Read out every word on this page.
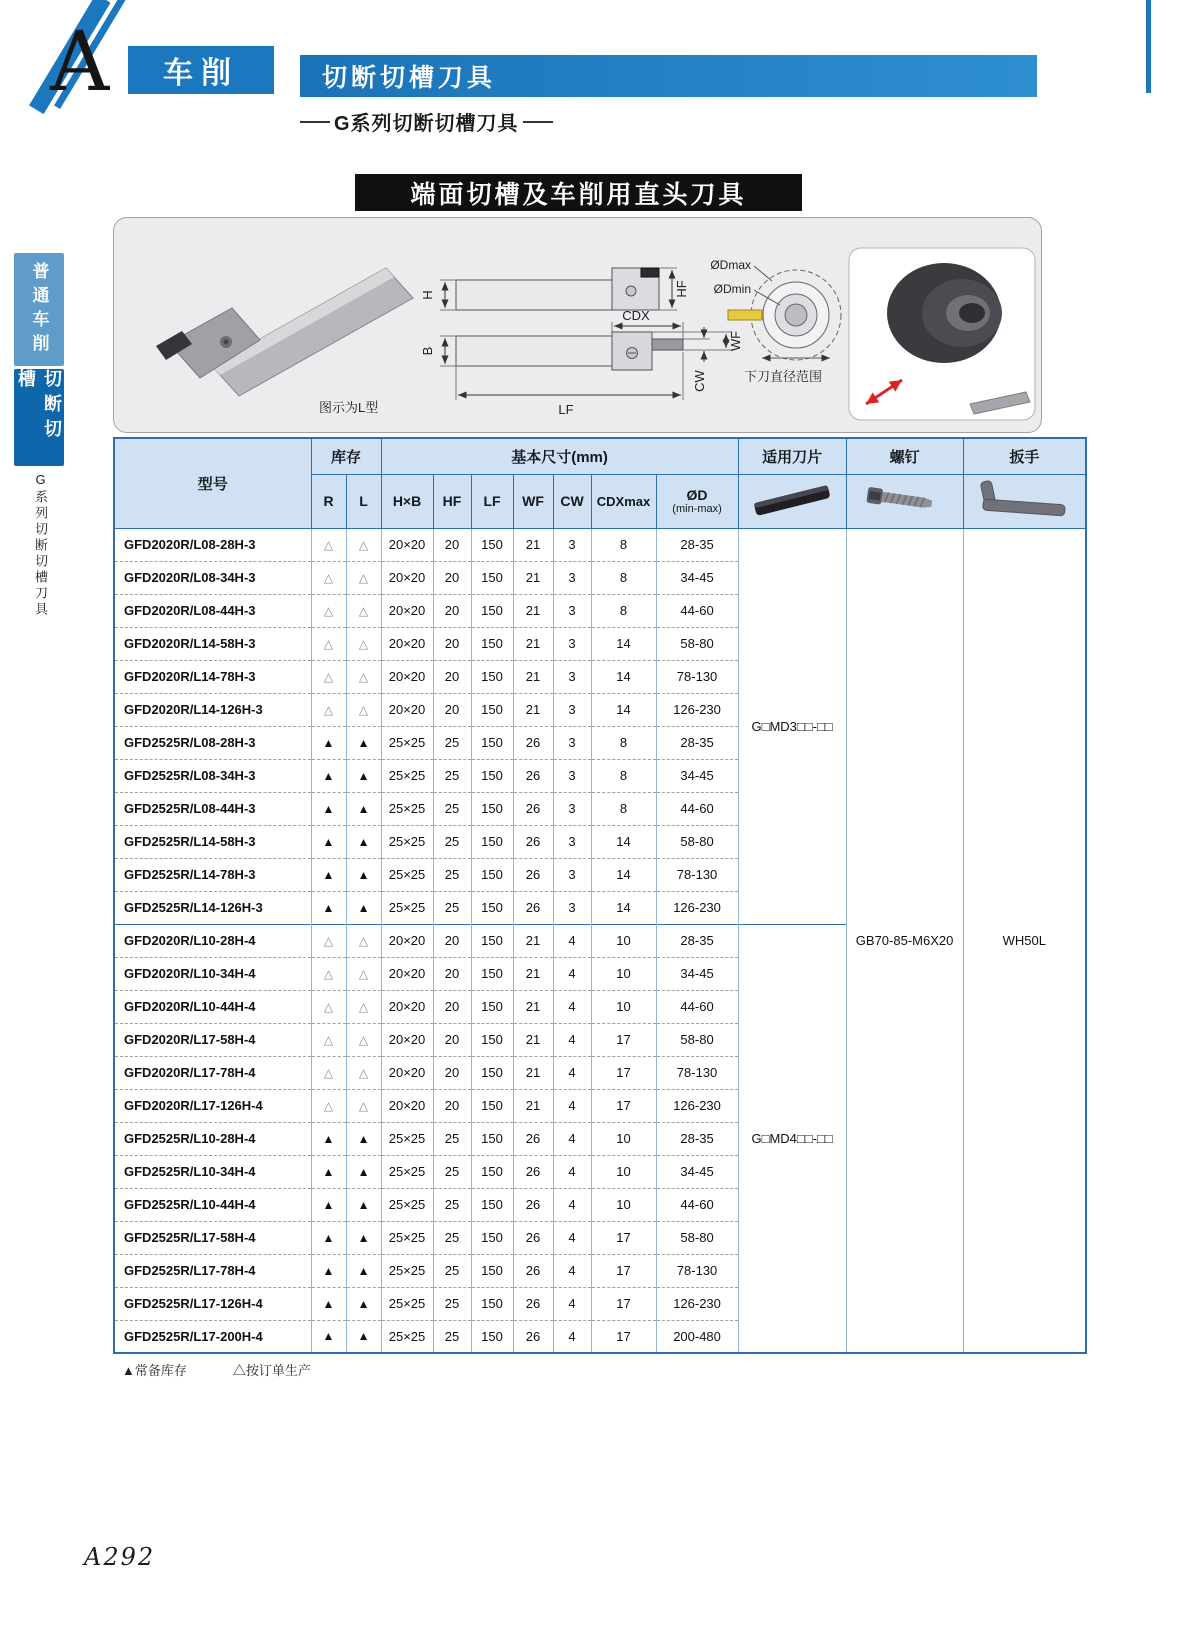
A	车削	切断切槽刀具
G系列切断切槽刀具
端面切槽及车削用直头刀具
普通车削
切断切槽
G系列切断切槽刀具
图示为L型
H	HF
CDX
B	WF
CW
LF
ØDmax
ØDmin
下刀直径范围
型号	库存		基本尺寸(mm)							适用刀片	螺钉	扳手
	R	L	H×B	HF	LF	WF	CW	CDXmax	ØD
(min-max)

GFD2020R/L08-28H-3	△	△	20×20	20	150	21	3	8	28-35	G□MD3□□-□□	GB70-85-M6X20	WH50L
GFD2020R/L08-34H-3	△	△	20×20	20	150	21	3	8	34-45			
GFD2020R/L08-44H-3	△	△	20×20	20	150	21	3	8	44-60			
GFD2020R/L14-58H-3	△	△	20×20	20	150	21	3	14	58-80			
GFD2020R/L14-78H-3	△	△	20×20	20	150	21	3	14	78-130			
GFD2020R/L14-126H-3	△	△	20×20	20	150	21	3	14	126-230			
GFD2525R/L08-28H-3	▲	▲	25×25	25	150	26	3	8	28-35			
GFD2525R/L08-34H-3	▲	▲	25×25	25	150	26	3	8	34-45			
GFD2525R/L08-44H-3	▲	▲	25×25	25	150	26	3	8	44-60			
GFD2525R/L14-58H-3	▲	▲	25×25	25	150	26	3	14	58-80			
GFD2525R/L14-78H-3	▲	▲	25×25	25	150	26	3	14	78-130			
GFD2525R/L14-126H-3	▲	▲	25×25	25	150	26	3	14	126-230			
GFD2020R/L10-28H-4	△	△	20×20	20	150	21	4	10	28-35	G□MD4□□-□□		
GFD2020R/L10-34H-4	△	△	20×20	20	150	21	4	10	34-45			
GFD2020R/L10-44H-4	△	△	20×20	20	150	21	4	10	44-60			
GFD2020R/L17-58H-4	△	△	20×20	20	150	21	4	17	58-80			
GFD2020R/L17-78H-4	△	△	20×20	20	150	21	4	17	78-130			
GFD2020R/L17-126H-4	△	△	20×20	20	150	21	4	17	126-230			
GFD2525R/L10-28H-4	▲	▲	25×25	25	150	26	4	10	28-35			
GFD2525R/L10-34H-4	▲	▲	25×25	25	150	26	4	10	34-45			
GFD2525R/L10-44H-4	▲	▲	25×25	25	150	26	4	10	44-60			
GFD2525R/L17-58H-4	▲	▲	25×25	25	150	26	4	17	58-80			
GFD2525R/L17-78H-4	▲	▲	25×25	25	150	26	4	17	78-130			
GFD2525R/L17-126H-4	▲	▲	25×25	25	150	26	4	17	126-230			
GFD2525R/L17-200H-4	▲	▲	25×25	25	150	26	4	17	200-480			
▲常备库存	△按订单生产
A292
